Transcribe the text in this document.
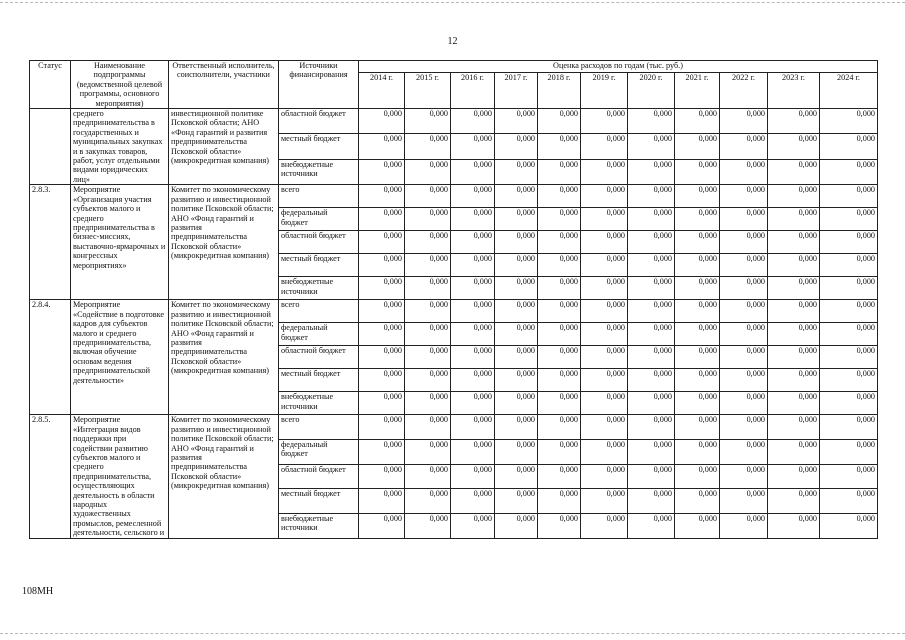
12
Статус	Наименование подпрограммы (ведомственной целевой программы, основного мероприятия)	Ответственный исполнитель, соисполнители, участники	Источники финансирования	Оценка расходов по годам (тыс. руб.)										
				2014 г.	2015 г.	2016 г.	2017 г.	2018 г.	2019 г.	2020 г.	2021 г.	2022 г.	2023 г.	2024 г.
	среднего предпринимательства в государственных и муниципальных закупках и в закупках товаров, работ, услуг отдельными видами юридических лиц»	инвестиционной политике Псковской области; АНО «Фонд гарантий и развития предпринимательства Псковской области» (микрокредитная компания)	областной бюджет	0,000	0,000	0,000	0,000	0,000	0,000	0,000	0,000	0,000	0,000	0,000
			местный бюджет	0,000	0,000	0,000	0,000	0,000	0,000	0,000	0,000	0,000	0,000	0,000
			внебюджетные источники	0,000	0,000	0,000	0,000	0,000	0,000	0,000	0,000	0,000	0,000	0,000
2.8.3.	Мероприятие «Организация участия субъектов малого и среднего предпринимательства в бизнес-миссиях, выставочно-ярмарочных и конгрессных мероприятиях»	Комитет по экономическому развитию и инвестиционной политике Псковской области; АНО «Фонд гарантий и развития предпринимательства Псковской области» (микрокредитная компания)	всего	0,000	0,000	0,000	0,000	0,000	0,000	0,000	0,000	0,000	0,000	0,000
			федеральный бюджет	0,000	0,000	0,000	0,000	0,000	0,000	0,000	0,000	0,000	0,000	0,000
			областной бюджет	0,000	0,000	0,000	0,000	0,000	0,000	0,000	0,000	0,000	0,000	0,000
			местный бюджет	0,000	0,000	0,000	0,000	0,000	0,000	0,000	0,000	0,000	0,000	0,000
			внебюджетные источники	0,000	0,000	0,000	0,000	0,000	0,000	0,000	0,000	0,000	0,000	0,000
2.8.4.	Мероприятие «Содействие в подготовке кадров для субъектов малого и среднего предпринимательства, включая обучение основам ведения предпринимательской деятельности»	Комитет по экономическому развитию и инвестиционной политике Псковской области; АНО «Фонд гарантий и развития предпринимательства Псковской области» (микрокредитная компания)	всего	0,000	0,000	0,000	0,000	0,000	0,000	0,000	0,000	0,000	0,000	0,000
			федеральный бюджет	0,000	0,000	0,000	0,000	0,000	0,000	0,000	0,000	0,000	0,000	0,000
			областной бюджет	0,000	0,000	0,000	0,000	0,000	0,000	0,000	0,000	0,000	0,000	0,000
			местный бюджет	0,000	0,000	0,000	0,000	0,000	0,000	0,000	0,000	0,000	0,000	0,000
			внебюджетные источники	0,000	0,000	0,000	0,000	0,000	0,000	0,000	0,000	0,000	0,000	0,000
2.8.5.	Мероприятие «Интеграция видов поддержки при содействии развитию субъектов малого и среднего предпринимательства, осуществляющих деятельность в области народных художественных промыслов, ремесленной деятельности, сельского и	Комитет по экономическому развитию и инвестиционной политике Псковской области; АНО «Фонд гарантий и развития предпринимательства Псковской области» (микрокредитная компания)	всего	0,000	0,000	0,000	0,000	0,000	0,000	0,000	0,000	0,000	0,000	0,000
			федеральный бюджет	0,000	0,000	0,000	0,000	0,000	0,000	0,000	0,000	0,000	0,000	0,000
			областной бюджет	0,000	0,000	0,000	0,000	0,000	0,000	0,000	0,000	0,000	0,000	0,000
			местный бюджет	0,000	0,000	0,000	0,000	0,000	0,000	0,000	0,000	0,000	0,000	0,000
			внебюджетные источники	0,000	0,000	0,000	0,000	0,000	0,000	0,000	0,000	0,000	0,000	0,000
108МН
